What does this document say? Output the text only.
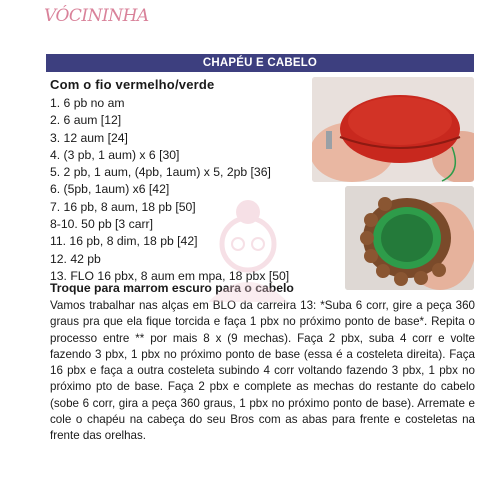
VÓCININHA
CHAPÉU E CABELO
Com o fio vermelho/verde
1. 6 pb no am
2. 6 aum [12]
3. 12 aum [24]
4. (3 pb, 1 aum) x 6 [30]
5. 2 pb, 1 aum, (4pb, 1aum) x 5, 2pb [36]
6. (5pb, 1aum) x6 [42]
7. 16 pb, 8 aum, 18 pb [50]
8-10. 50 pb [3 carr]
11. 16 pb, 8 dim, 18 pb [42]
12. 42 pb
13. FLO 16 pbx, 8 aum em mpa, 18 pbx [50]
Troque para marrom escuro para o cabelo
Vamos trabalhar nas alças em BLO da carreira 13: *Suba 6 corr, gire a peça 360 graus pra que ela fique torcida e faça 1 pbx no próximo ponto de base*. Repita o processo entre ** por mais 8 x (9 mechas). Faça 2 pbx, suba 4 corr e volte fazendo 3 pbx, 1 pbx no próximo ponto de base (essa é a costeleta direita). Faça 16 pbx e faça a outra costeleta subindo 4 corr voltando fazendo 3 pbx, 1 pbx no próximo pto de base. Faça 2 pbx e complete as mechas do restante do cabelo (sobe 6 corr, gira a peça 360 graus, 1 pbx no próximo ponto de base). Arremate e cole o chapéu na cabeça do seu Bros com as abas para frente e costeletas na frente das orelhas.
